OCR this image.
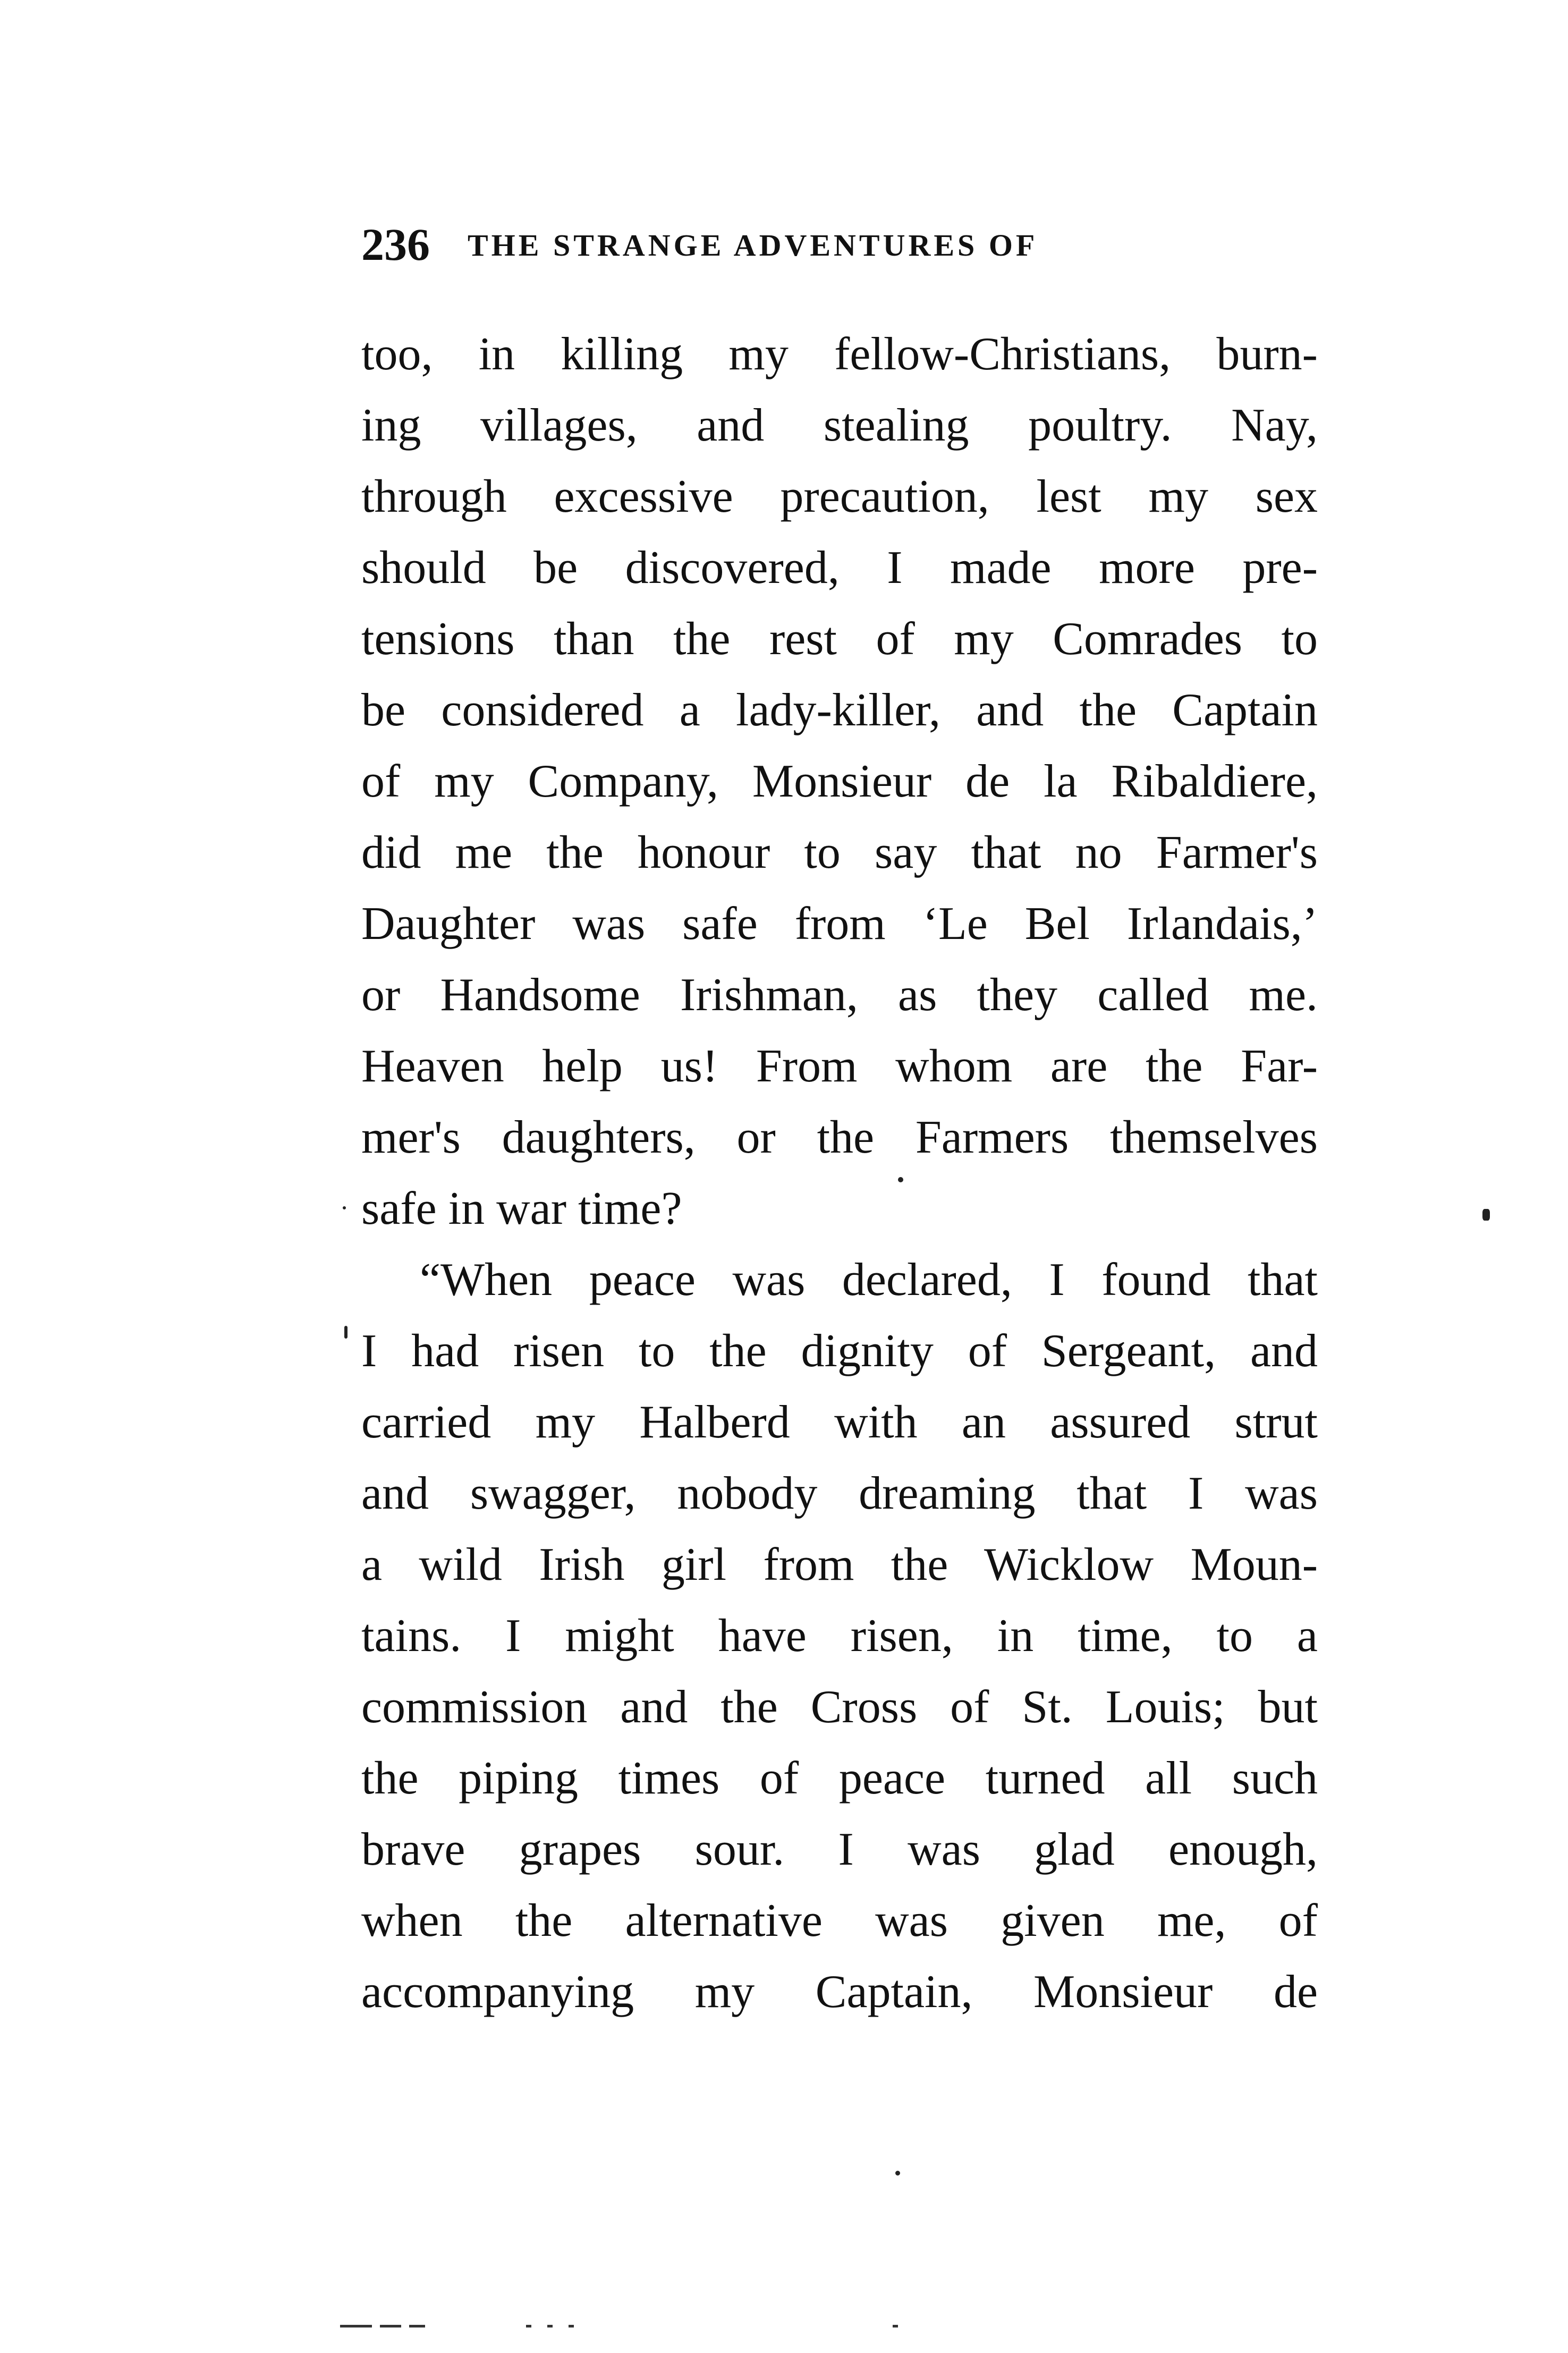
236 THE STRANGE ADVENTURES OF
too, in killing my fellow-Christians, burn-
ing villages, and stealing poultry. Nay,
through excessive precaution, lest my sex
should be discovered, I made more pre-
tensions than the rest of my Comrades to
be considered a lady-killer, and the Captain
of my Company, Monsieur de la Ribaldiere,
did me the honour to say that no Farmer's
Daughter was safe from ‘Le Bel Irlandais,’
or Handsome Irishman, as they called me.
Heaven help us! From whom are the Far-
mer's daughters, or the Farmers themselves
safe in war time?
“When peace was declared, I found that
I had risen to the dignity of Sergeant, and
carried my Halberd with an assured strut
and swagger, nobody dreaming that I was
a wild Irish girl from the Wicklow Moun-
tains. I might have risen, in time, to a
commission and the Cross of St. Louis; but
the piping times of peace turned all such
brave grapes sour. I was glad enough,
when the alternative was given me, of
accompanying my Captain, Monsieur de
